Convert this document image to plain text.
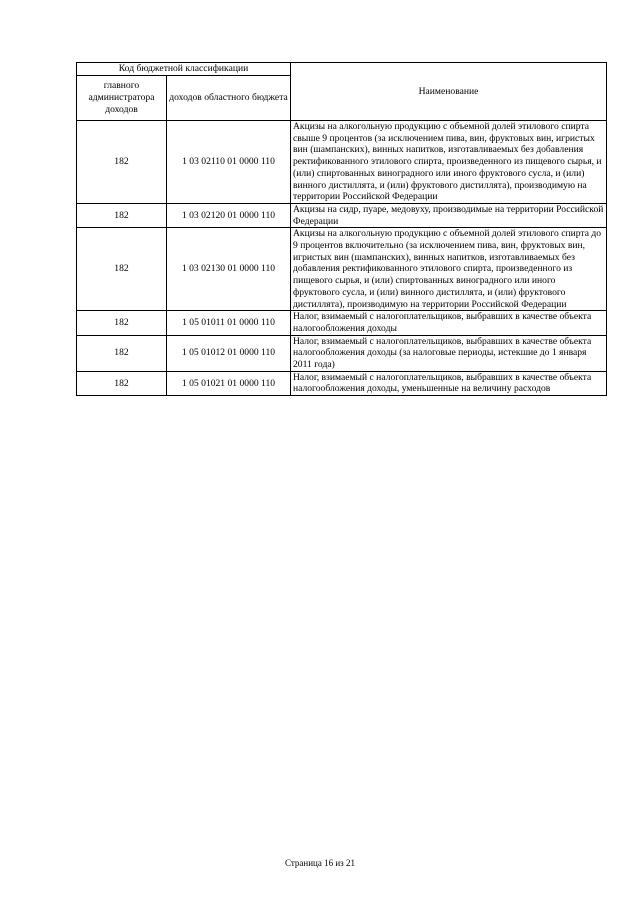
Код бюджетной классификации		Наименование
главного администратора доходов	доходов областного бюджета	
182	1 03 02110 01 0000 110	Акцизы на алкогольную продукцию с объемной долей этилового спирта свыше 9 процентов (за исключением пива, вин, фруктовых вин, игристых вин (шампанских), винных напитков, изготавливаемых без добавления ректификованного этилового спирта, произведенного из пищевого сырья, и (или) спиртованных виноградного или иного фруктового сусла, и (или) винного дистиллята, и (или) фруктового дистиллята), производимую на территории Российской Федерации
182	1 03 02120 01 0000 110	Акцизы на сидр, пуаре, медовуху, производимые на территории Российской Федерации
182	1 03 02130 01 0000 110	Акцизы на алкогольную продукцию с объемной долей этилового спирта до 9 процентов включительно (за исключением пива, вин, фруктовых вин, игристых вин (шампанских), винных напитков, изготавливаемых без добавления ректификованного этилового спирта, произведенного из пищевого сырья, и (или) спиртованных виноградного или иного фруктового сусла, и (или) винного дистиллята, и (или) фруктового дистиллята), производимую на территории Российской Федерации
182	1 05 01011 01 0000 110	Налог, взимаемый с налогоплательщиков, выбравших в качестве объекта налогообложения доходы
182	1 05 01012 01 0000 110	Налог, взимаемый с налогоплательщиков, выбравших в качестве объекта налогообложения доходы (за налоговые периоды, истекшие до 1 января 2011 года)
182	1 05 01021 01 0000 110	Налог, взимаемый с налогоплательщиков, выбравших в качестве объекта налогообложения доходы, уменьшенные на величину расходов
Страница 16 из 21
